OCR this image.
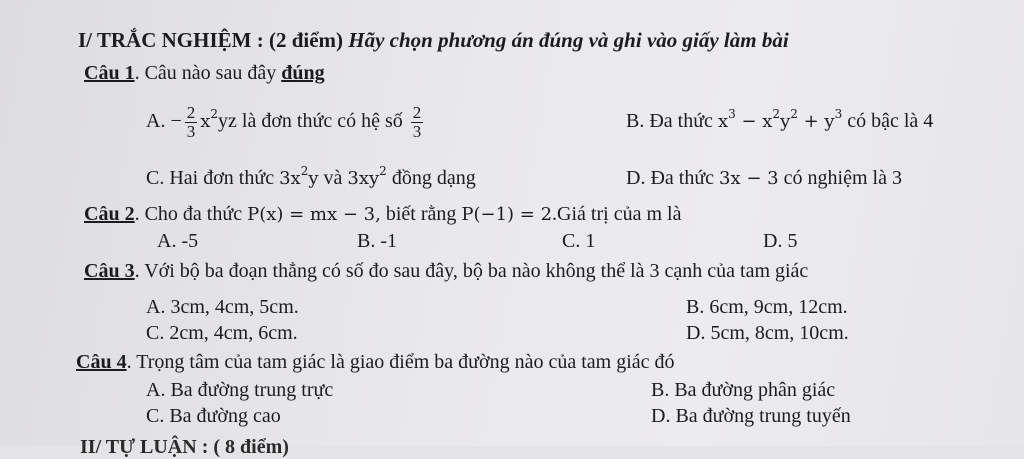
I/ TRẮC NGHIỆM : (2 điểm) Hãy chọn phương án đúng và ghi vào giấy làm bài
Câu 1. Câu nào sau đây đúng
A. − $\frac{2}{3} x^2yz$ là đơn thức có hệ số $\frac{2}{3}$	B. Đa thức $x^3 - x^2y^2 + y^3$ có bậc là 4
C. Hai đơn thức $3x^2y$ và $3xy^2$ đồng dạng	D. Đa thức 3x − 3 có nghiệm là 3
Câu 2. Cho đa thức P(x) = mx − 3, biết rằng P(−1) = 2.Giá trị của m là
A. -5	B. -1	C. 1	D. 5
Câu 3. Với bộ ba đoạn thẳng có số đo sau đây, bộ ba nào không thể là 3 cạnh của tam giác
A. 3cm, 4cm, 5cm.	B. 6cm, 9cm, 12cm.
C. 2cm, 4cm, 6cm.	D. 5cm, 8cm, 10cm.
Câu 4. Trọng tâm của tam giác là giao điểm ba đường nào của tam giác đó
A. Ba đường trung trực	B. Ba đường phân giác
C. Ba đường cao	D. Ba đường trung tuyến
II/ TỰ LUẬN : ( 8 điểm)
